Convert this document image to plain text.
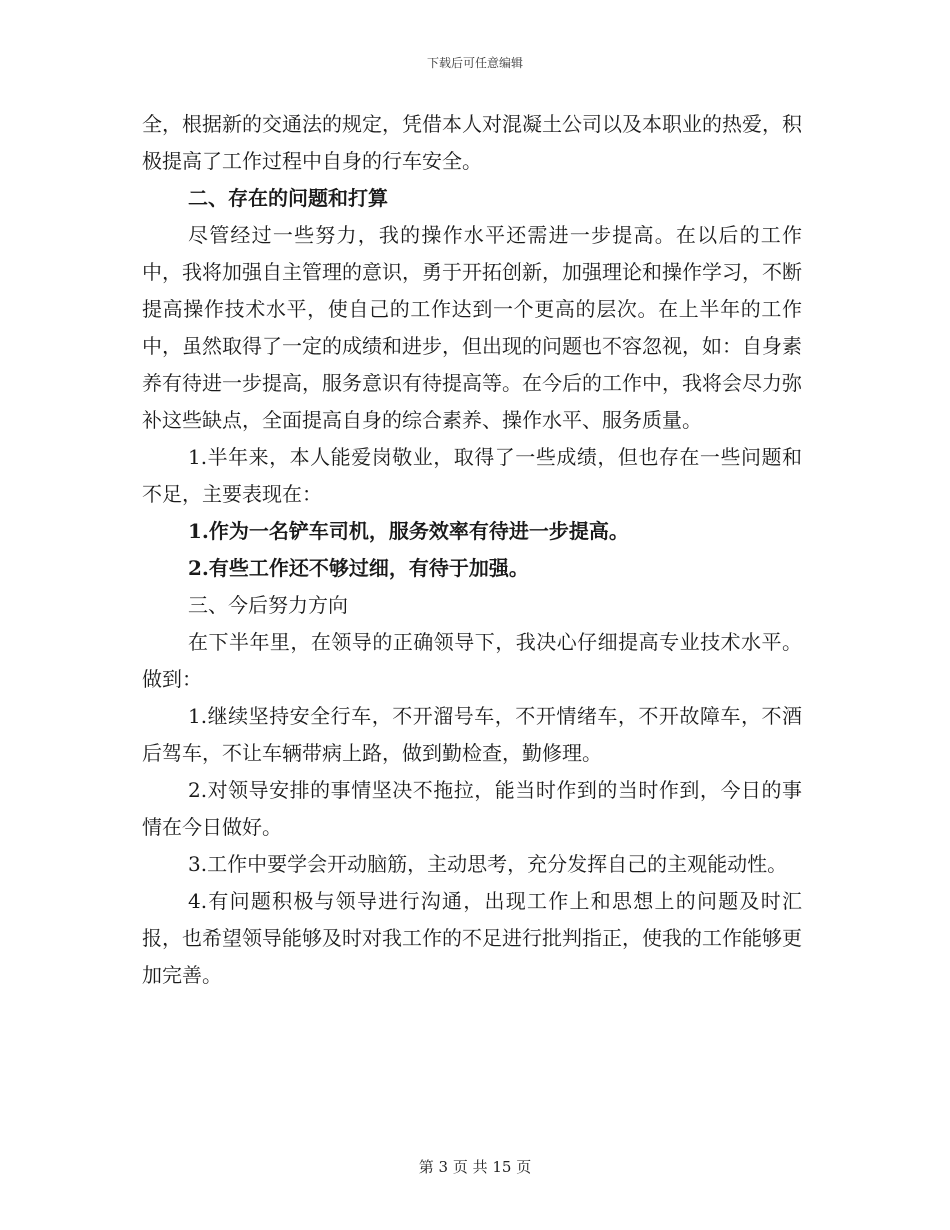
下载后可任意编辑

全，根据新的交通法的规定，凭借本人对混凝土公司以及本职业的热爱，积极提高了工作过程中自身的行车安全。

二、存在的问题和打算

尽管经过一些努力，我的操作水平还需进一步提高。在以后的工作中，我将加强自主管理的意识，勇于开拓创新，加强理论和操作学习，不断提高操作技术水平，使自己的工作达到一个更高的层次。在上半年的工作中，虽然取得了一定的成绩和进步，但出现的问题也不容忽视，如：自身素养有待进一步提高，服务意识有待提高等。在今后的工作中，我将会尽力弥补这些缺点，全面提高自身的综合素养、操作水平、服务质量。

1.半年来，本人能爱岗敬业，取得了一些成绩，但也存在一些问题和不足，主要表现在：

1.作为一名铲车司机，服务效率有待进一步提高。

2.有些工作还不够过细，有待于加强。

三、今后努力方向

在下半年里，在领导的正确领导下，我决心仔细提高专业技术水平。做到：

1.继续坚持安全行车，不开溜号车，不开情绪车，不开故障车，不酒后驾车，不让车辆带病上路，做到勤检查，勤修理。

2.对领导安排的事情坚决不拖拉，能当时作到的当时作到，今日的事情在今日做好。

3.工作中要学会开动脑筋，主动思考，充分发挥自己的主观能动性。

4.有问题积极与领导进行沟通，出现工作上和思想上的问题及时汇报，也希望领导能够及时对我工作的不足进行批判指正，使我的工作能够更加完善。

第 3 页 共 15 页
